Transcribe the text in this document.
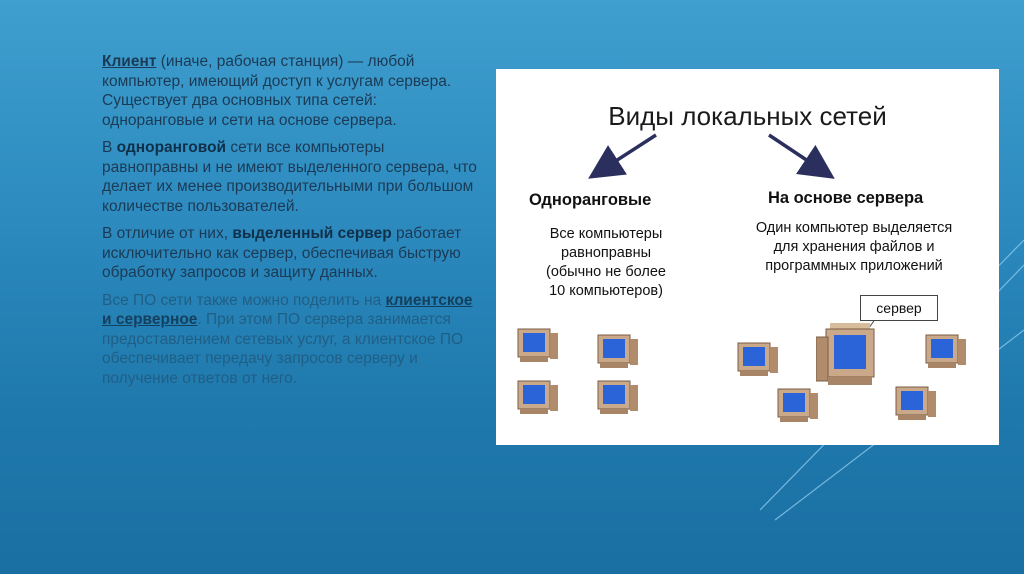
Клиент (иначе, рабочая станция) — любой компьютер, имеющий доступ к услугам сервера. Существует два основных типа сетей: одноранговые и сети на основе сервера.

В одноранговой сети все компьютеры равноправны и не имеют выделенного сервера, что делает их менее производительными при большом количестве пользователей.

В отличие от них, выделенный сервер работает исключительно как сервер, обеспечивая быструю обработку запросов и защиту данных.

Все ПО сети также можно поделить на клиентское и серверное. При этом ПО сервера занимается предоставлением сетевых услуг, а клиентское ПО обеспечивает передачу запросов серверу и получение ответов от него.

Виды локальных сетей
Одноранговые
Все компьютеры
равноправны
(обычно не более
10 компьютеров)
На основе сервера
Один компьютер выделяется
для хранения файлов и
программных приложений
сервер
